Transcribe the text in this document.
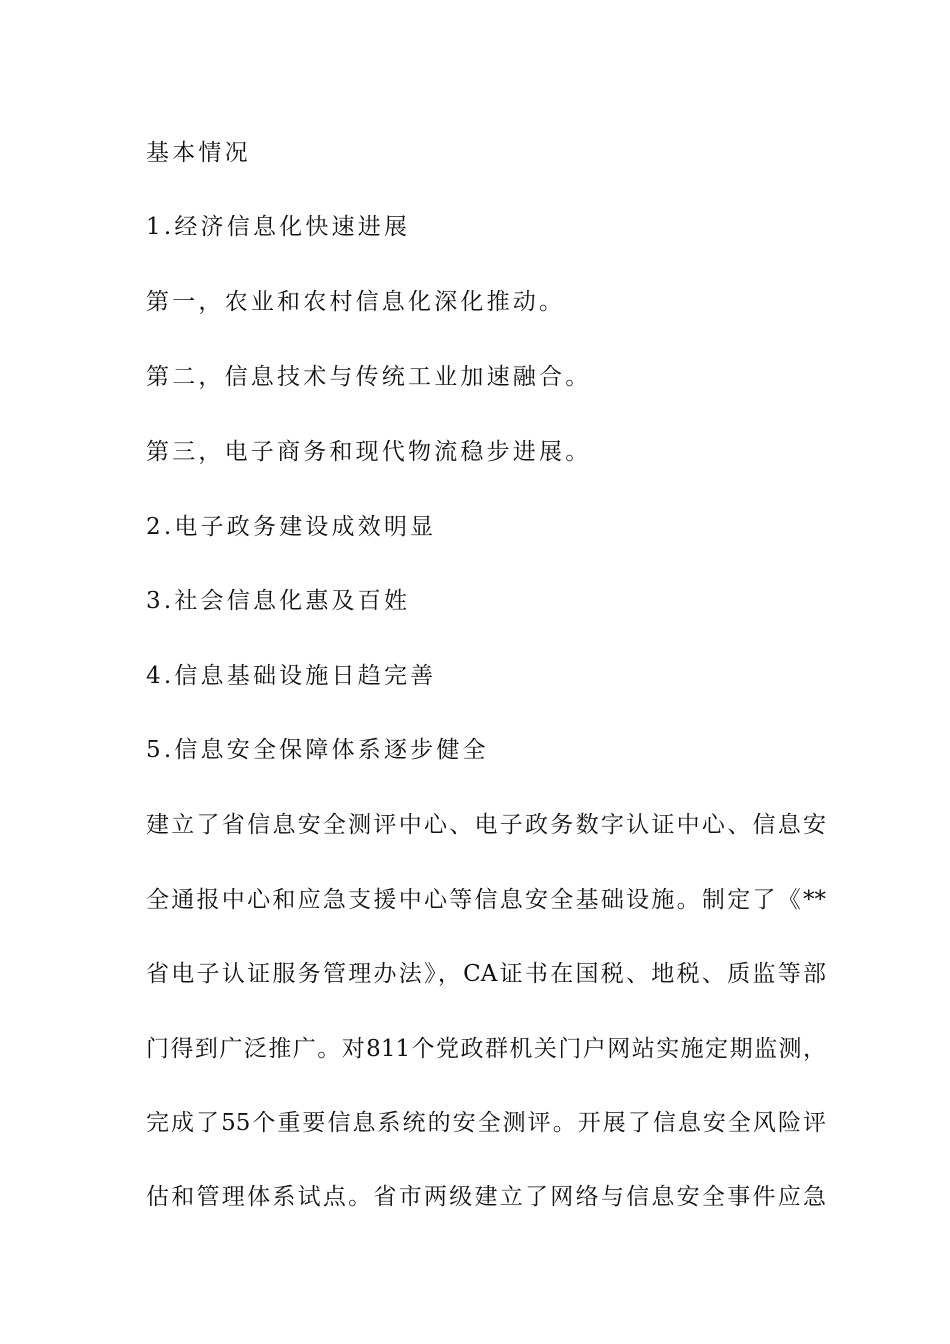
基本情况

1.经济信息化快速进展

第一，农业和农村信息化深化推动。

第二，信息技术与传统工业加速融合。

第三，电子商务和现代物流稳步进展。

2.电子政务建设成效明显

3.社会信息化惠及百姓

4.信息基础设施日趋完善

5.信息安全保障体系逐步健全

建立了省信息安全测评中心、电子政务数字认证中心、信息安

全通报中心和应急支援中心等信息安全基础设施。制定了《**

省电子认证服务管理办法》，CA证书在国税、地税、质监等部

门得到广泛推广。对811个党政群机关门户网站实施定期监测，

完成了55个重要信息系统的安全测评。开展了信息安全风险评

估和管理体系试点。省市两级建立了网络与信息安全事件应急
